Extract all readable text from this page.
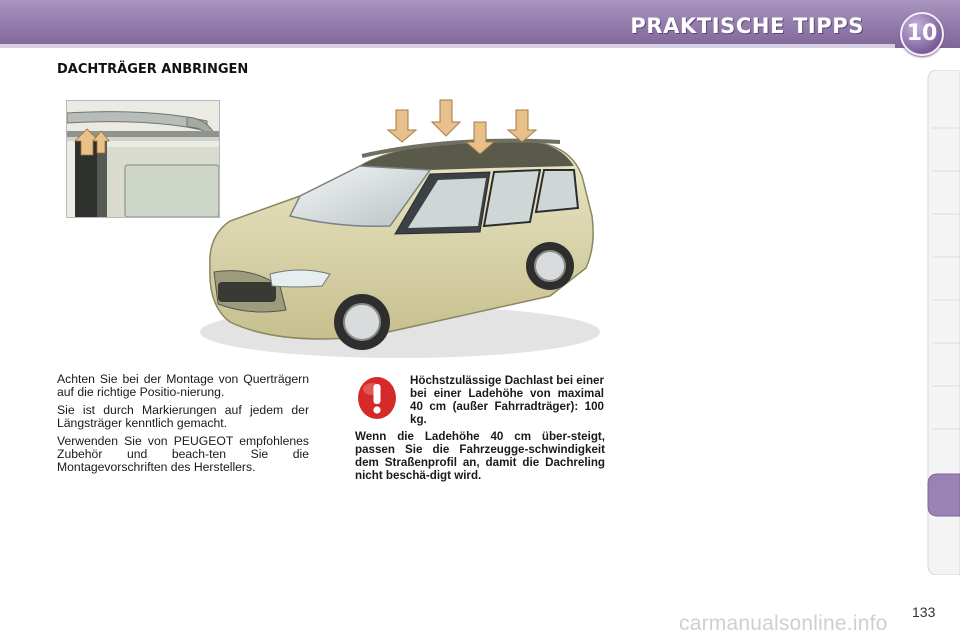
PRAKTISCHE TIPPS	10
DACHTRÄGER ANBRINGEN

Achten Sie bei der Montage von Querträgern auf die richtige Positio-nierung.

Sie ist durch Markierungen auf jedem der Längsträger kenntlich gemacht.

Verwenden Sie von PEUGEOT empfohlenes Zubehör und beach-ten Sie die Montagevorschriften des Herstellers.

Höchstzulässige Dachlast bei einer bei einer Ladehöhe von maximal 40 cm (außer Fahrradträger): 100 kg.
Wenn die Ladehöhe 40 cm über-steigt, passen Sie die Fahrzeugge-schwindigkeit dem Straßenprofil an, damit die Dachreling nicht beschä-digt wird.
133
carmanualsonline.info
